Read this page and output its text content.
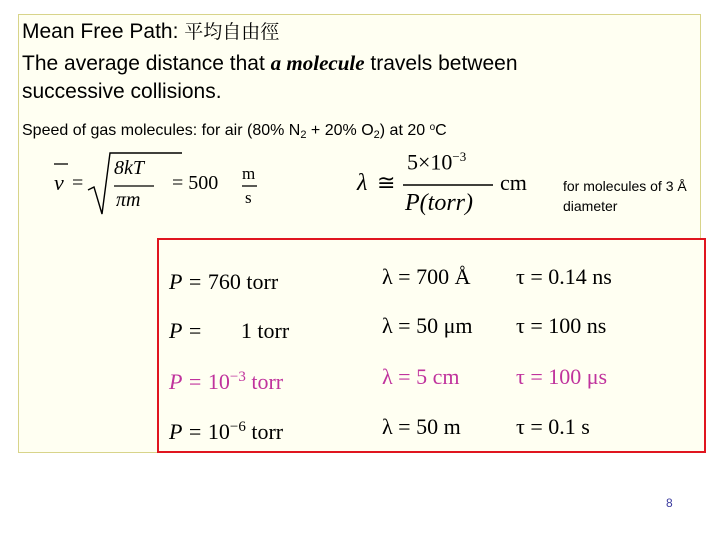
Mean Free Path: 平均自由徑
The average distance that a molecule travels between
successive collisions.
Speed of gas molecules: for air (80% $N_2 + 20\%$ $O_2$) at 20 $^o$C
v =
8kT
πm
= 500 m
s
λ ≅
$5\times 10^{-3}$
P(torr)
cm	for molecules of 3 Å diameter
P = 760 torr	λ = 700 Å τ = 0.14 ns
P =       1 torr	λ = 50 μm τ = 100 ns
$P = 10^{-3}$ torr	λ = 5 cm	τ = 100 μs
$P = 10^{-6}$ torr	λ = 50 m	τ = 0.1 s
8
